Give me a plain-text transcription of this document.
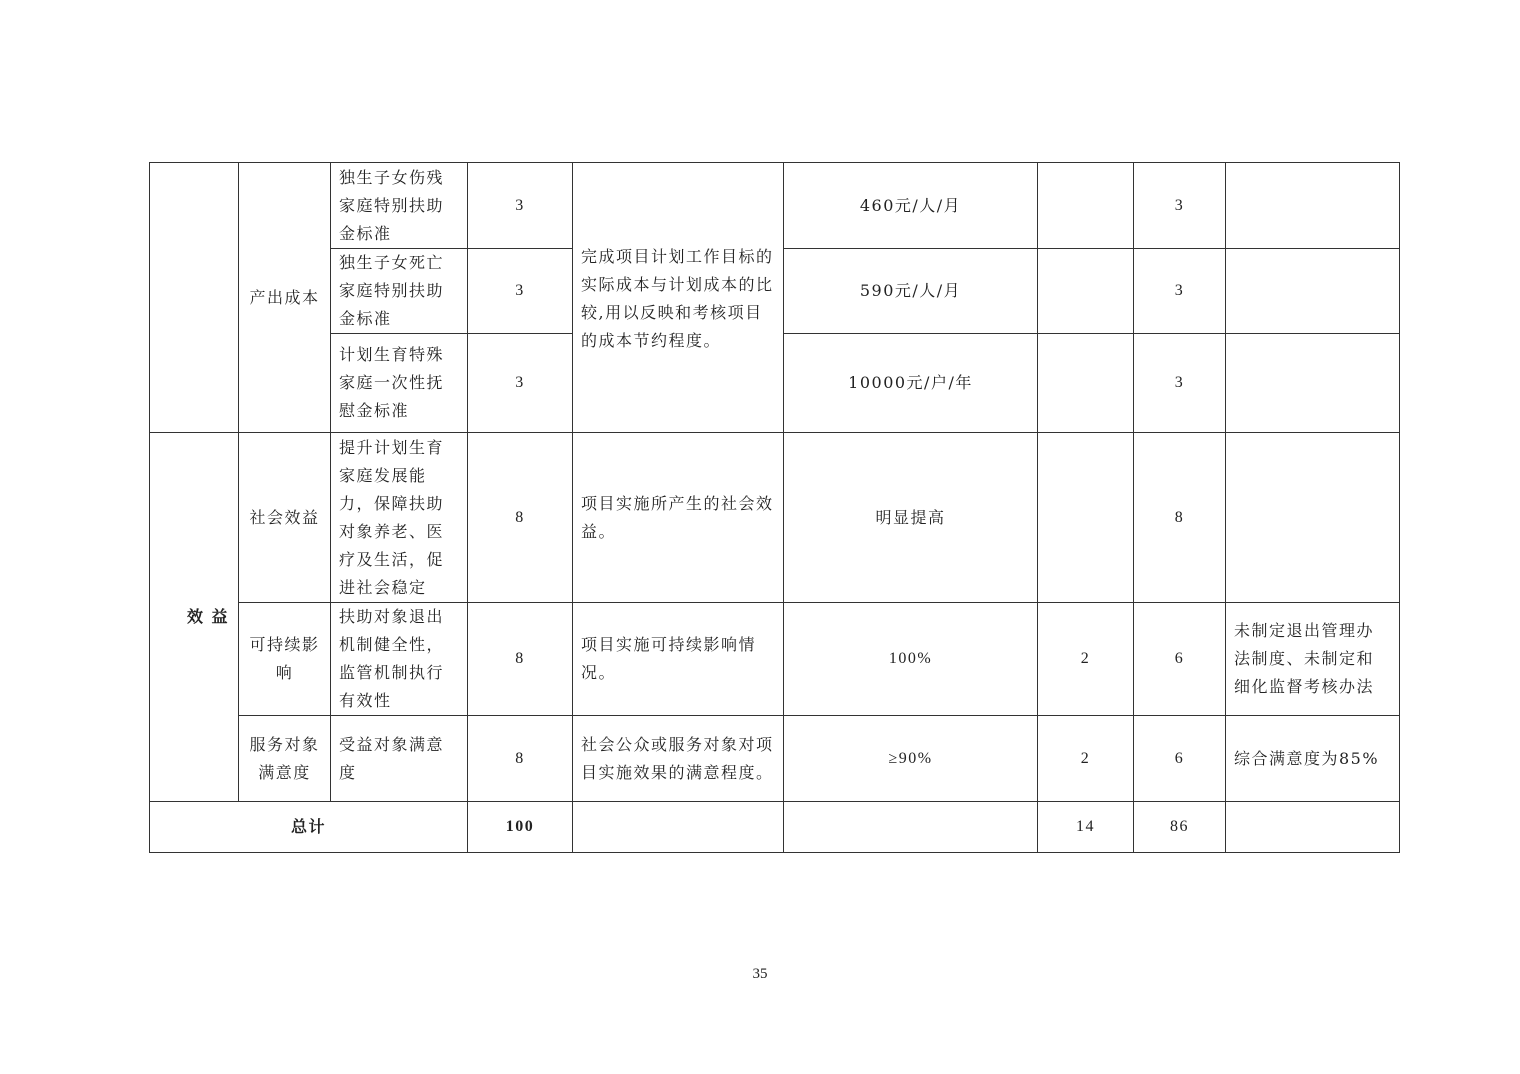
	产出成本	独生子女伤残家庭特别扶助金标准	3	完成项目计划工作目标的实际成本与计划成本的比较,用以反映和考核项目的成本节约程度。	460元/人/月		3	
		独生子女死亡家庭特别扶助金标准	3		590元/人/月		3	
		计划生育特殊家庭一次性抚慰金标准	3		10000元/户/年		3	
效 益	社会效益	提升计划生育家庭发展能力，保障扶助对象养老、医疗及生活，促进社会稳定	8	项目实施所产生的社会效益。	明显提高		8	
	可持续影响	扶助对象退出机制健全性，监管机制执行有效性	8	项目实施可持续影响情况。	100%	2	6	未制定退出管理办法制度、未制定和细化监督考核办法
	服务对象满意度	受益对象满意度	8	社会公众或服务对象对项目实施效果的满意程度。	≥90%	2	6	综合满意度为85%
总计			100			14	86	
35
